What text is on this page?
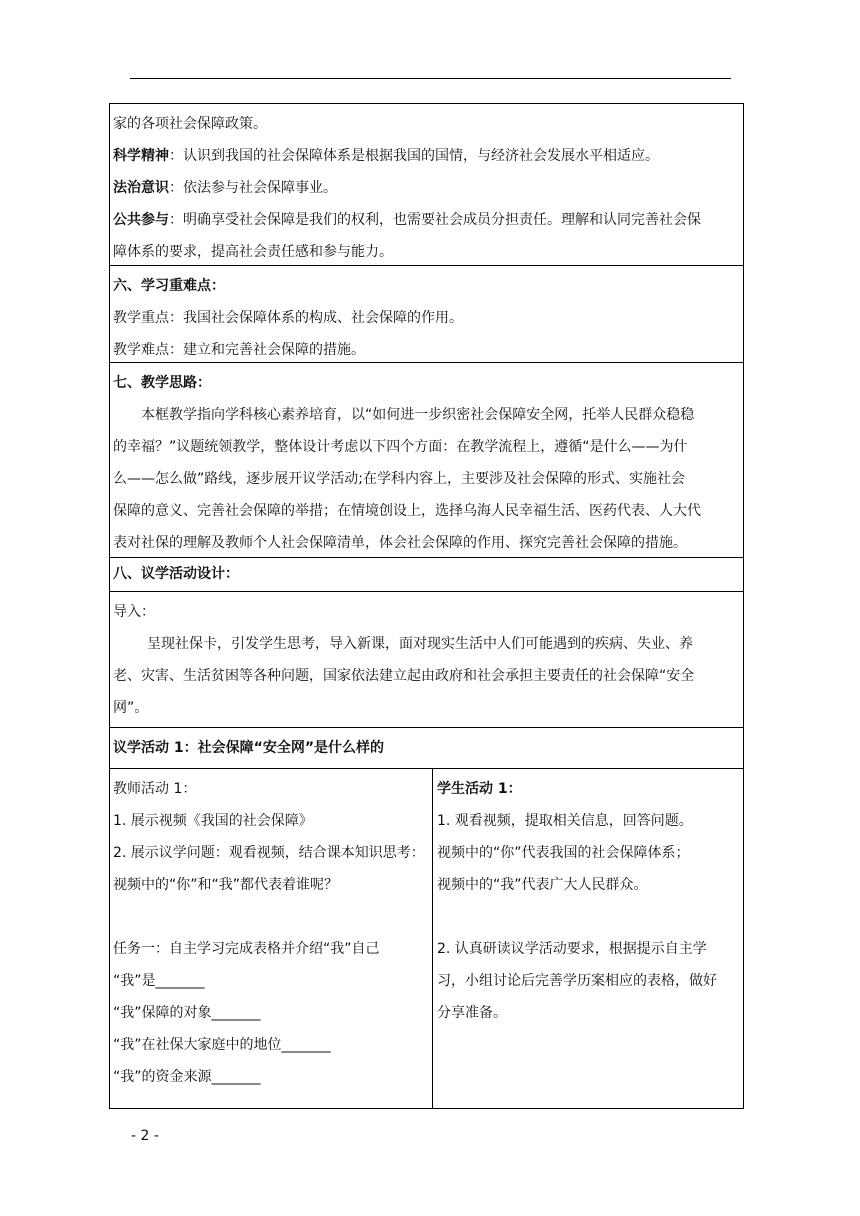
家的各项社会保障政策。
科学精神：认识到我国的社会保障体系是根据我国的国情，与经济社会发展水平相适应。
法治意识：依法参与社会保障事业。
公共参与：明确享受社会保障是我们的权利，也需要社会成员分担责任。理解和认同完善社会保
障体系的要求，提高社会责任感和参与能力。
六、学习重难点：
教学重点：我国社会保障体系的构成、社会保障的作用。
教学难点：建立和完善社会保障的措施。
七、教学思路：
本框教学指向学科核心素养培育，以“如何进一步织密社会保障安全网，托举人民群众稳稳
的幸福？”议题统领教学，整体设计考虑以下四个方面：在教学流程上，遵循“是什么——为什
么——怎么做”路线，逐步展开议学活动;在学科内容上，主要涉及社会保障的形式、实施社会
保障的意义、完善社会保障的举措；在情境创设上，选择乌海人民幸福生活、医药代表、人大代
表对社保的理解及教师个人社会保障清单，体会社会保障的作用、探究完善社会保障的措施。
八、议学活动设计：
导入：
呈现社保卡，引发学生思考，导入新课，面对现实生活中人们可能遇到的疾病、失业、养
老、灾害、生活贫困等各种问题，国家依法建立起由政府和社会承担主要责任的社会保障“安全
网”。
议学活动 1：社会保障“安全网”是什么样的
教师活动 1：
1. 展示视频《我国的社会保障》
2. 展示议学问题：观看视频，结合课本知识思考：
视频中的“你”和“我”都代表着谁呢？
任务一：自主学习完成表格并介绍“我”自己
“我”是_______
“我”保障的对象_______
“我”在社保大家庭中的地位_______
“我”的资金来源_______
学生活动 1：
1. 观看视频，提取相关信息，回答问题。
视频中的“你”代表我国的社会保障体系；
视频中的“我”代表广大人民群众。
2. 认真研读议学活动要求，根据提示自主学
习，小组讨论后完善学历案相应的表格，做好
分享准备。
- 2 -
